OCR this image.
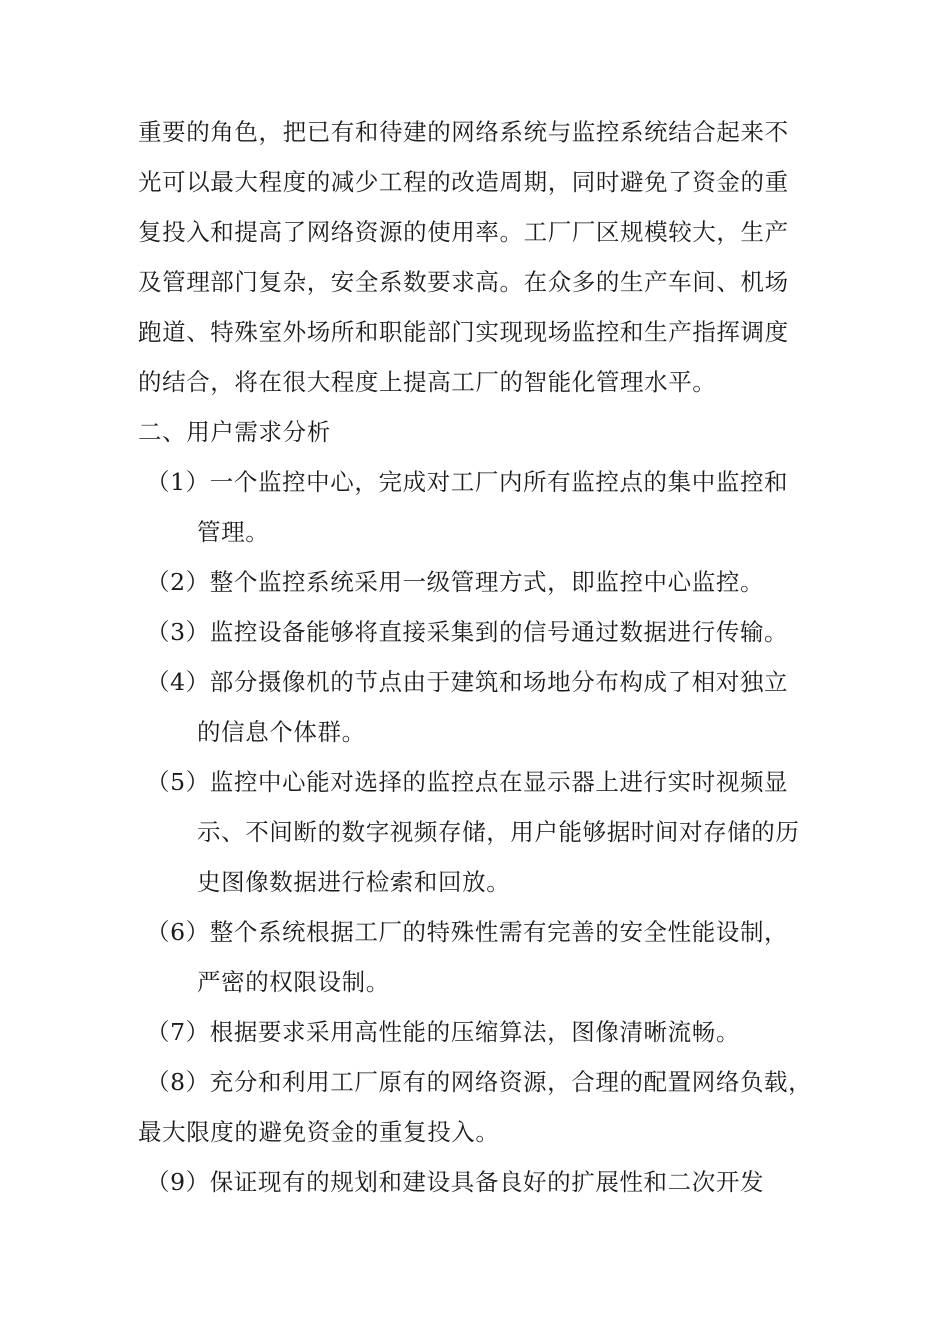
重要的角色，把已有和待建的网络系统与监控系统结合起来不
光可以最大程度的减少工程的改造周期，同时避免了资金的重
复投入和提高了网络资源的使用率。工厂厂区规模较大，生产
及管理部门复杂，安全系数要求高。在众多的生产车间、机场
跑道、特殊室外场所和职能部门实现现场监控和生产指挥调度
的结合，将在很大程度上提高工厂的智能化管理水平。
二、用户需求分析
（1）一个监控中心，完成对工厂内所有监控点的集中监控和
管理。
（2）整个监控系统采用一级管理方式，即监控中心监控。
（3）监控设备能够将直接采集到的信号通过数据进行传输。
（4）部分摄像机的节点由于建筑和场地分布构成了相对独立
的信息个体群。
（5）监控中心能对选择的监控点在显示器上进行实时视频显
示、不间断的数字视频存储，用户能够据时间对存储的历
史图像数据进行检索和回放。
（6）整个系统根据工厂的特殊性需有完善的安全性能设制，
严密的权限设制。
（7）根据要求采用高性能的压缩算法，图像清晰流畅。
（8）充分和利用工厂原有的网络资源，合理的配置网络负载，
最大限度的避免资金的重复投入。
（9）保证现有的规划和建设具备良好的扩展性和二次开发
